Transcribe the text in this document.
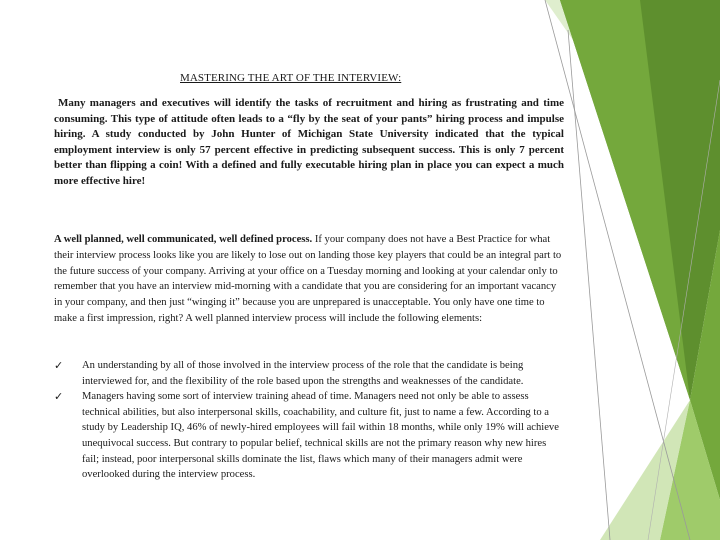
MASTERING THE ART OF THE INTERVIEW:

Many managers and executives will identify the tasks of recruitment and hiring as frustrating and time consuming. This type of attitude often leads to a “fly by the seat of your pants” hiring process and impulse hiring. A study conducted by John Hunter of Michigan State University indicated that the typical employment interview is only 57 percent effective in predicting subsequent success. This is only 7 percent better than flipping a coin! With a defined and fully executable hiring plan in place you can expect a much more effective hire!

A well planned, well communicated, well defined process. If your company does not have a Best Practice for what their interview process looks like you are likely to lose out on landing those key players that could be an integral part to the future success of your company. Arriving at your office on a Tuesday morning and looking at your calendar only to remember that you have an interview mid-morning with a candidate that you are considering for an important vacancy in your company, and then just “winging it” because you are unprepared is unacceptable. You only have one time to make a first impression, right? A well planned interview process will include the following elements:

✓ An understanding by all of those involved in the interview process of the role that the candidate is being interviewed for, and the flexibility of the role based upon the strengths and weaknesses of the candidate.
✓ Managers having some sort of interview training ahead of time. Managers need not only be able to assess technical abilities, but also interpersonal skills, coachability, and culture fit, just to name a few. According to a study by Leadership IQ, 46% of newly-hired employees will fail within 18 months, while only 19% will achieve unequivocal success. But contrary to popular belief, technical skills are not the primary reason why new hires fail; instead, poor interpersonal skills dominate the list, flaws which many of their managers admit were overlooked during the interview process.
